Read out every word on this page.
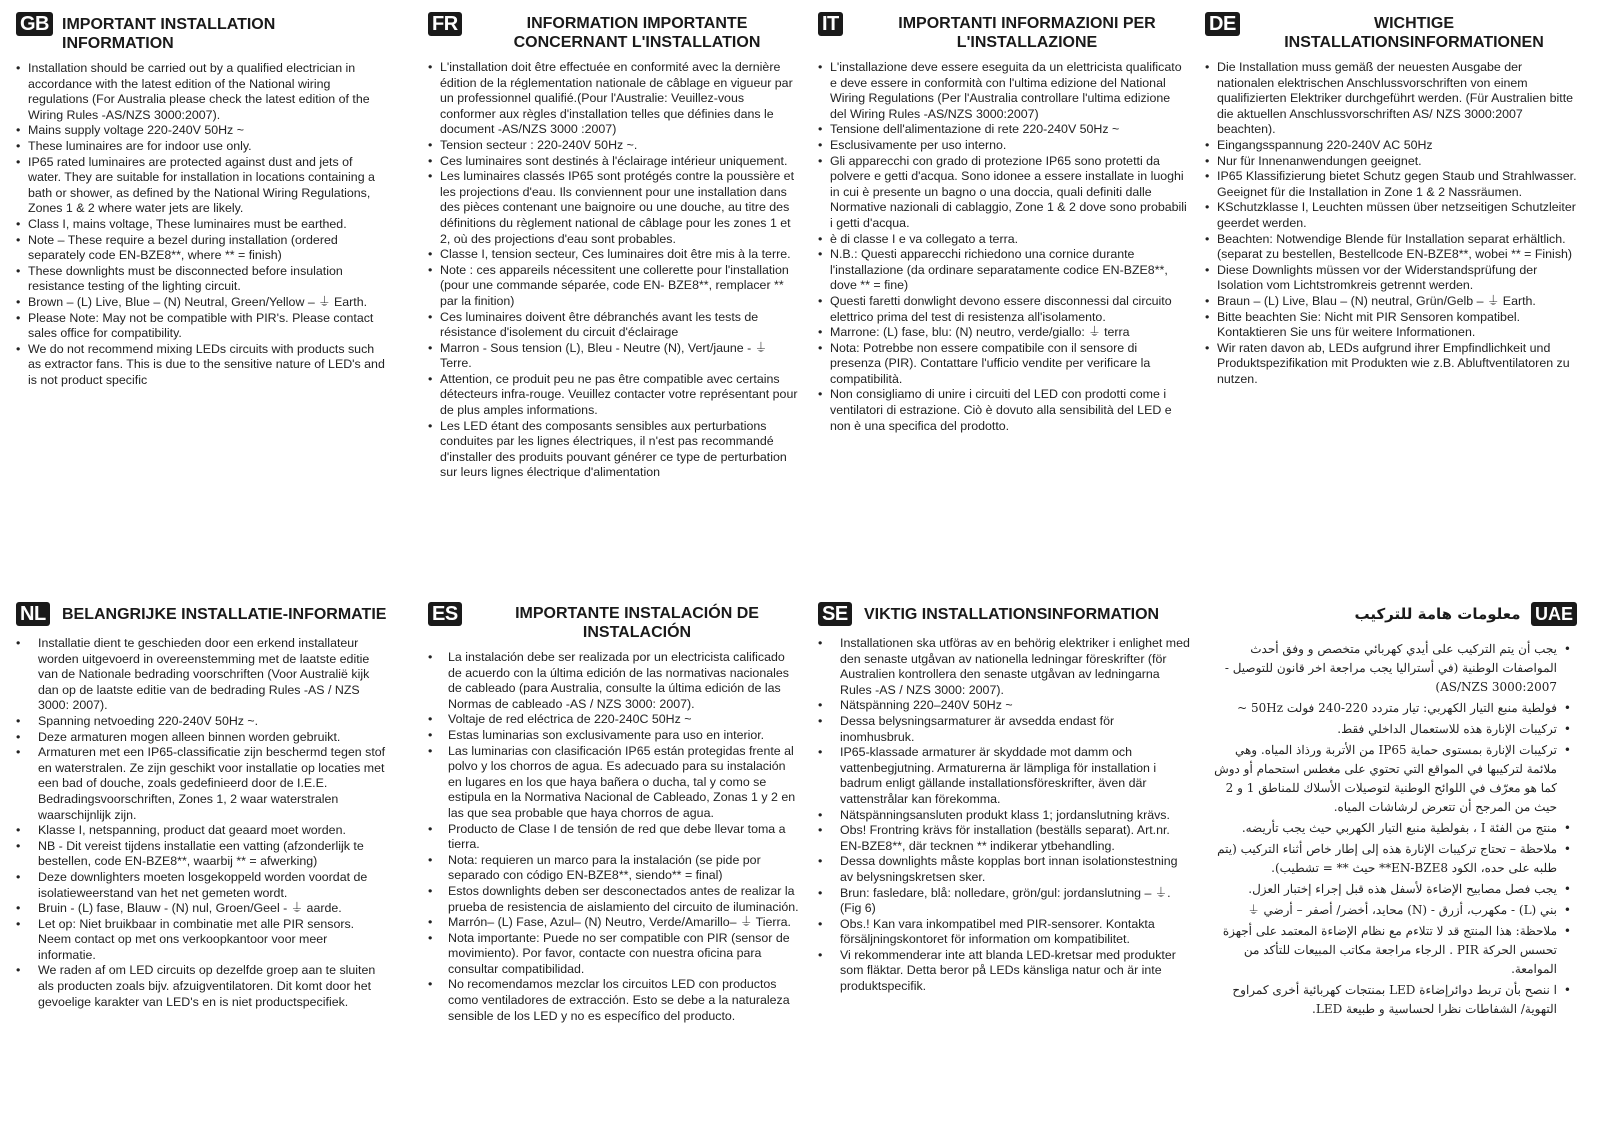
GB IMPORTANT INSTALLATION INFORMATION
• Installation should be carried out by a qualified electrician in accordance with the latest edition of the National wiring regulations (For Australia please check the latest edition of the Wiring Rules -AS/NZS 3000:2007).
• Mains supply voltage 220-240V 50Hz ~
• These luminaires are for indoor use only.
• IP65 rated luminaires are protected against dust and jets of water. They are suitable for installation in locations containing a bath or shower, as defined by the National Wiring Regulations, Zones 1 & 2 where water jets are likely.
• Class I, mains voltage, These luminaires must be earthed.
• Note – These require a bezel during installation (ordered separately code EN-BZE8**, where ** = finish)
• These downlights must be disconnected before insulation resistance testing of the lighting circuit.
• Brown – (L) Live, Blue – (N) Neutral, Green/Yellow – ⏚ Earth.
• Please Note: May not be compatible with PIR's. Please contact sales office for compatibility.
• We do not recommend mixing LEDs circuits with products such as extractor fans. This is due to the sensitive nature of LED's and is not product specific
FR	INFORMATION IMPORTANTE CONCERNANT L'INSTALLATION
• L'installation doit être effectuée en conformité avec la dernière édition de la réglementation nationale de câblage en vigueur par un professionnel qualifié.(Pour l'Australie: Veuillez-vous conformer aux règles d'installation telles que définies dans le document -AS/NZS 3000 :2007)
• Tension secteur : 220-240V 50Hz ~.
• Ces luminaires sont destinés à l'éclairage intérieur uniquement.
• Les luminaires classés IP65 sont protégés contre la poussière et les projections d'eau. Ils conviennent pour une installation dans des pièces contenant une baignoire ou une douche, au titre des définitions du règlement national de câblage pour les zones 1 et 2, où des projections d'eau sont probables.
• Classe I, tension secteur, Ces luminaires doit être mis à la terre.
• Note : ces appareils nécessitent une collerette pour l'installation (pour une commande séparée, code EN- BZE8**, remplacer ** par la finition)
• Ces luminaires doivent être débranchés avant les tests de résistance d'isolement du circuit d'éclairage
• Marron - Sous tension (L), Bleu - Neutre (N), Vert/jaune - ⏚ Terre.
• Attention, ce produit peu ne pas être compatible avec certains détecteurs infra-rouge. Veuillez contacter votre représentant pour de plus amples informations.
• Les LED étant des composants sensibles aux perturbations conduites par les lignes électriques, il n'est pas recommandé d'installer des produits pouvant générer ce type de perturbation sur leurs lignes électrique d'alimentation
IT	IMPORTANTI INFORMAZIONI PER L'INSTALLAZIONE
• L'installazione deve essere eseguita da un elettricista qualificato e deve essere in conformità con l'ultima edizione del National Wiring Regulations (Per l'Australia controllare l'ultima edizione del Wiring Rules -AS/NZS 3000:2007)
• Tensione dell'alimentazione di rete 220-240V 50Hz ~
• Esclusivamente per uso interno.
• Gli apparecchi con grado di protezione IP65 sono protetti da polvere e getti d'acqua. Sono idonee a essere installate in luoghi in cui è presente un bagno o una doccia, quali definiti dalle Normative nazionali di cablaggio, Zone 1 & 2 dove sono probabili i getti d'acqua.
• è di classe I e va collegato a terra.
• N.B.: Questi apparecchi richiedono una cornice durante l'installazione (da ordinare separatamente codice EN-BZE8**, dove ** = fine)
• Questi faretti donwlight devono essere disconnessi dal circuito elettrico prima del test di resistenza all'isolamento.
• Marrone: (L) fase, blu: (N) neutro, verde/giallo: ⏚ terra
• Nota: Potrebbe non essere compatibile con il sensore di presenza (PIR). Contattare l'ufficio vendite per verificare la compatibilità.
• Non consigliamo di unire i circuiti del LED con prodotti come i ventilatori di estrazione. Ciò è dovuto alla sensibilità del LED e non è una specifica del prodotto.
DE	WICHTIGE INSTALLATIONSINFORMATIONEN
• Die Installation muss gemäß der neuesten Ausgabe der nationalen elektrischen Anschlussvorschriften von einem qualifizierten Elektriker durchgeführt werden. (Für Australien bitte die aktuellen Anschlussvorschriften AS/ NZS 3000:2007 beachten).
• Eingangsspannung 220-240V AC 50Hz
• Nur für Innenanwendungen geeignet.
• IP65 Klassifizierung bietet Schutz gegen Staub und Strahlwasser. Geeignet für die Installation in Zone 1 & 2 Nassräumen.
• KSchutzklasse I, Leuchten müssen über netzseitigen Schutzleiter geerdet werden.
• Beachten: Notwendige Blende für Installation separat erhältlich. (separat zu bestellen, Bestellcode EN-BZE8**, wobei ** = Finish)
• Diese Downlights müssen vor der Widerstandsprüfung der Isolation vom Lichtstromkreis getrennt werden.
• Braun – (L) Live, Blau – (N) neutral, Grün/Gelb – ⏚ Earth.
• Bitte beachten Sie: Nicht mit PIR Sensoren kompatibel. Kontaktieren Sie uns für weitere Informationen.
• Wir raten davon ab, LEDs aufgrund ihrer Empfindlichkeit und Produktspezifikation mit Produkten wie z.B. Abluftventilatoren zu nutzen.
NL	BELANGRIJKE INSTALLATIE-INFORMATIE
• Installatie dient te geschieden door een erkend installateur worden uitgevoerd in overeenstemming met de laatste editie van de Nationale bedrading voorschriften (Voor Australië kijk dan op de laatste editie van de bedrading Rules -AS / NZS 3000: 2007).
• Spanning netvoeding 220-240V 50Hz ~.
• Deze armaturen mogen alleen binnen worden gebruikt.
• Armaturen met een IP65-classificatie zijn beschermd tegen stof en waterstralen. Ze zijn geschikt voor installatie op locaties met een bad of douche, zoals gedefinieerd door de I.E.E. Bedradingsvoorschriften, Zones 1, 2 waar waterstralen waarschijnlijk zijn.
• Klasse I, netspanning, product dat geaard moet worden.
• NB - Dit vereist tijdens installatie een vatting (afzonderlijk te bestellen, code EN-BZE8**, waarbij ** = afwerking)
• Deze downlighters moeten losgekoppeld worden voordat de isolatieweerstand van het net gemeten wordt.
• Bruin - (L) fase, Blauw - (N) nul, Groen/Geel - ⏚ aarde.
• Let op: Niet bruikbaar in combinatie met alle PIR sensors. Neem contact op met ons verkoopkantoor voor meer informatie.
• We raden af om LED circuits op dezelfde groep aan te sluiten als producten zoals bijv. afzuigventilatoren. Dit komt door het gevoelige karakter van LED's en is niet productspecifiek.
ES	IMPORTANTE INSTALACIÓN DE INSTALACIÓN
• La instalación debe ser realizada por un electricista calificado de acuerdo con la última edición de las normativas nacionales de cableado (para Australia, consulte la última edición de las Normas de cableado -AS / NZS 3000: 2007).
• Voltaje de red eléctrica de 220-240C 50Hz ~
• Estas luminarias son exclusivamente para uso en interior.
• Las luminarias con clasificación IP65 están protegidas frente al polvo y los chorros de agua. Es adecuado para su instalación en lugares en los que haya bañera o ducha, tal y como se estipula en la Normativa Nacional de Cableado, Zonas 1 y 2 en las que sea probable que haya chorros de agua.
• Producto de Clase I de tensión de red que debe llevar toma a tierra.
• Nota: requieren un marco para la instalación (se pide por separado con código EN-BZE8**, siendo** = final)
• Estos downlights deben ser desconectados antes de realizar la prueba de resistencia de aislamiento del circuito de iluminación.
• Marrón– (L) Fase, Azul– (N) Neutro, Verde/Amarillo– ⏚ Tierra.
• Nota importante: Puede no ser compatible con PIR (sensor de movimiento). Por favor, contacte con nuestra oficina para consultar compatibilidad.
• No recomendamos mezclar los circuitos LED con productos como ventiladores de extracción. Esto se debe a la naturaleza sensible de los LED y no es específico del producto.
SE	VIKTIG INSTALLATIONSINFORMATION
• Installationen ska utföras av en behörig elektriker i enlighet med den senaste utgåvan av nationella ledningar föreskrifter (för Australien kontrollera den senaste utgåvan av ledningarna Rules -AS / NZS 3000: 2007).
• Nätspänning 220–240V 50Hz ~
• Dessa belysningsarmaturer är avsedda endast för inomhusbruk.
• IP65-klassade armaturer är skyddade mot damm och vattenbegjutning. Armaturerna är lämpliga för installation i badrum enligt gällande installationsföreskrifter, även där vattenstrålar kan förekomma.
• Nätspänningsansluten produkt klass 1; jordanslutning krävs.
• Obs! Frontring krävs för installation (beställs separat). Art.nr. EN-BZE8**, där tecknen ** indikerar ytbehandling.
• Dessa downlights måste kopplas bort innan isolationstestning av belysningskretsen sker.
• Brun: fasledare, blå: nolledare, grön/gul: jordanslutning – ⏚. (Fig 6)
• Obs.! Kan vara inkompatibel med PIR-sensorer. Kontakta försäljningskontoret för information om kompatibilitet.
• Vi rekommenderar inte att blanda LED-kretsar med produkter som fläktar. Detta beror på LEDs känsliga natur och är inte produktspecifik.
معلومات هامة للتركيب UAE
• يجب أن يتم التركيب على أيدي كهربائي متخصص و وفق أحدث المواصفات الوطنية (في أستراليا يجب مراجعة اخر قانون للتوصيل - AS/NZS 3000:2007)
• فولطية منبع التيار الكهربي: تيار متردد 220-240 فولت 50Hz ~
• تركيبات الإنارة هذه للاستعمال الداخلي فقط.
• تركيبات الإنارة بمستوى حماية IP65 من الأتربة ورذاذ المياه. وهي ملائمة لتركيبها في المواقع التي تحتوي على مغطس استحمام أو دوش كما هو معرّف في اللوائح الوطنية لتوصيلات الأسلاك للمناطق 1 و 2 حيث من المرجح أن تتعرض لرشاشات المياه.
• منتج من الفئة I ، بفولطية منبع التيار الكهربي حيث يجب تأريضه.
• ملاحظة – تحتاج تركيبات الإنارة هذه إلى إطار خاص أثناء التركيب (يتم طلبه على حده، الكود EN-BZE8** حيث ** = تشطيب).
• يجب فصل مصابيح الإضاءة لأسفل هذه قبل إجراء إختبار العزل.
• بني (L) - مكهرب، أزرق - (N) محايد، أخضر/ أصفر – أرضي ⏚
• ملاحظة: هذا المنتج قد لا تتلاءم مع نظام الإضاءة المعتمد على أجهزة تحسس الحركة PIR . الرجاء مراجعة مكاتب المبيعات للتأكد من الموامعة.
• ا ننصح بأن تربط دوائرإضاءة LED بمنتجات كهربائية أخرى كمراوح التهوية/ الشفاطات نظرا لحساسية و طبيعة LED.
